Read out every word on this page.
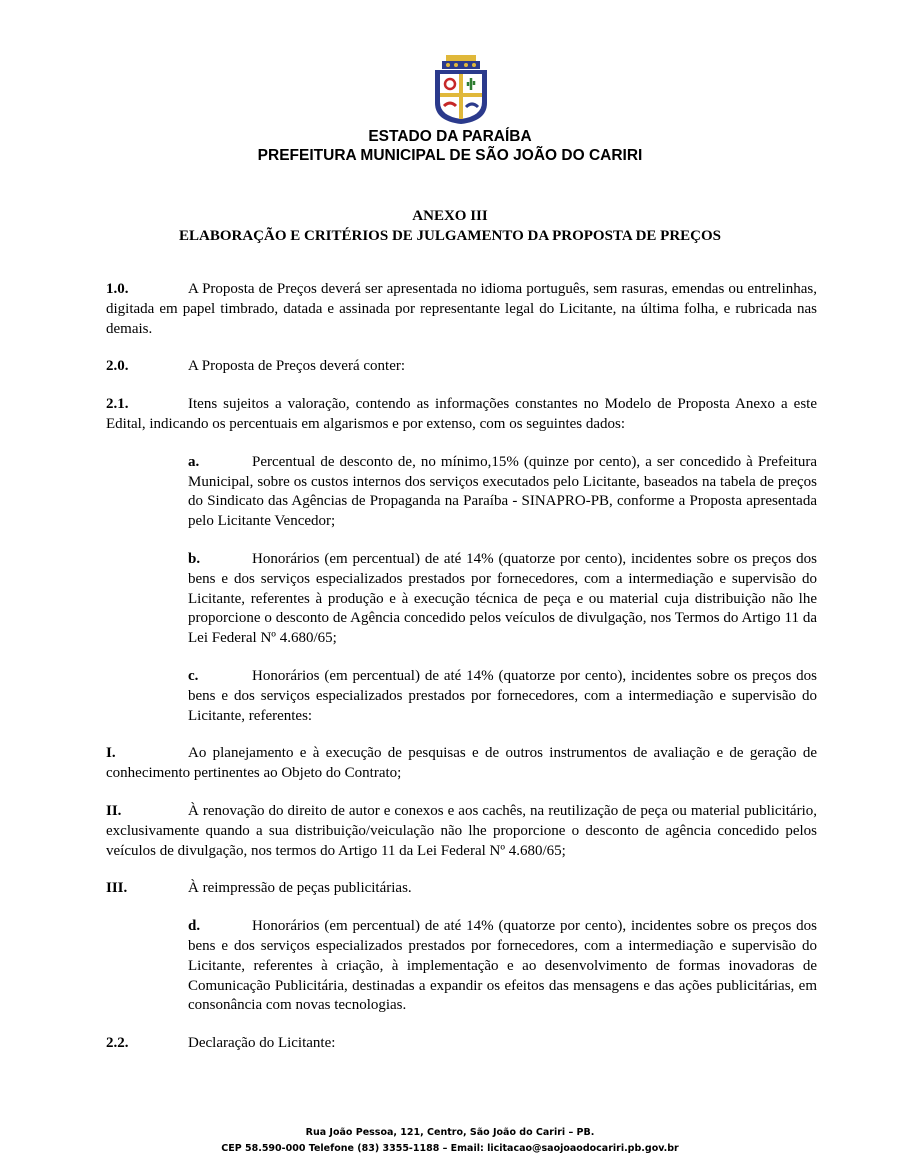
ESTADO DA PARAÍBA
PREFEITURA MUNICIPAL DE SÃO JOÃO DO CARIRI
ANEXO III
ELABORAÇÃO E CRITÉRIOS DE JULGAMENTO DA PROPOSTA DE PREÇOS
1.0.	A Proposta de Preços deverá ser apresentada no idioma português, sem rasuras, emendas ou entrelinhas, digitada em papel timbrado, datada e assinada por representante legal do Licitante, na última folha, e rubricada nas demais.
2.0.	A Proposta de Preços deverá conter:
2.1.	Itens sujeitos a valoração, contendo as informações constantes no Modelo de Proposta Anexo a este Edital, indicando os percentuais em algarismos e por extenso, com os seguintes dados:
a.	Percentual de desconto de, no mínimo,15% (quinze por cento), a ser concedido à Prefeitura Municipal, sobre os custos internos dos serviços executados pelo Licitante, baseados na tabela de preços do Sindicato das Agências de Propaganda na Paraíba - SINAPRO-PB, conforme a Proposta apresentada pelo Licitante Vencedor;
b.	Honorários (em percentual) de até 14% (quatorze por cento), incidentes sobre os preços dos bens e dos serviços especializados prestados por fornecedores, com a intermediação e supervisão do Licitante, referentes à produção e à execução técnica de peça e ou material cuja distribuição não lhe proporcione o desconto de Agência concedido pelos veículos de divulgação, nos Termos do Artigo 11 da Lei Federal Nº 4.680/65;
c.	Honorários (em percentual) de até 14% (quatorze por cento), incidentes sobre os preços dos bens e dos serviços especializados prestados por fornecedores, com a intermediação e supervisão do Licitante, referentes:
I.	Ao planejamento e à execução de pesquisas e de outros instrumentos de avaliação e de geração de conhecimento pertinentes ao Objeto do Contrato;
II.	À renovação do direito de autor e conexos e aos cachês, na reutilização de peça ou material publicitário, exclusivamente quando a sua distribuição/veiculação não lhe proporcione o desconto de agência concedido pelos veículos de divulgação, nos termos do Artigo 11 da Lei Federal Nº 4.680/65;
III.	À reimpressão de peças publicitárias.
d.	Honorários (em percentual) de até 14% (quatorze por cento), incidentes sobre os preços dos bens e dos serviços especializados prestados por fornecedores, com a intermediação e supervisão do Licitante, referentes à criação, à implementação e ao desenvolvimento de formas inovadoras de Comunicação Publicitária, destinadas a expandir os efeitos das mensagens e das ações publicitárias, em consonância com novas tecnologias.
2.2.	Declaração do Licitante:
Rua João Pessoa, 121, Centro, São João do Cariri – PB.
CEP 58.590-000 Telefone (83) 3355-1188 – Email: licitacao@saojoaodocariri.pb.gov.br
